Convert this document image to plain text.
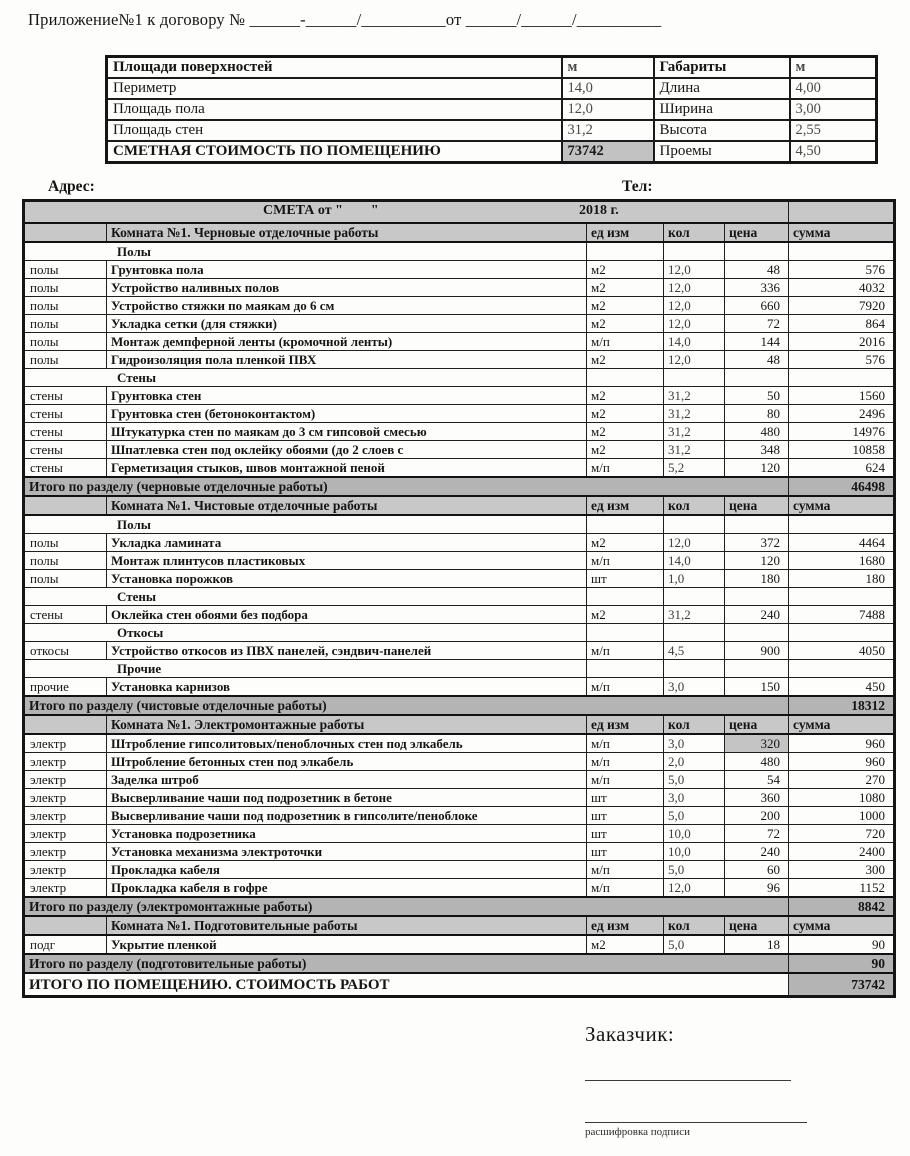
Приложение№1 к договору № ______-______/__________от ______/______/__________
Площади поверхностей	м	Габариты	м
Периметр	14,0	Длина	4,00
Площадь пола	12,0	Ширина	3,00
Площадь стен	31,2	Высота	2,55
СМЕТНАЯ СТОИМОСТЬ ПО ПОМЕЩЕНИЮ	73742	Проемы	4,50
Адрес:	Тел:
СМЕТА от "        " 2018 г.					

	Комната №1. Черновые отделочные работы	ед изм	кол	цена	сумма
Полы					
полы	Грунтовка пола	м2	12,0	48	576
полы	Устройство наливных полов	м2	12,0	336	4032
полы	Устройство стяжки по маякам до 6 см	м2	12,0	660	7920
полы	Укладка сетки (для стяжки)	м2	12,0	72	864
полы	Монтаж демпферной ленты (кромочной ленты)	м/п	14,0	144	2016
полы	Гидроизоляция пола пленкой ПВХ	м2	12,0	48	576
Стены					
стены	Грунтовка стен	м2	31,2	50	1560
стены	Грунтовка стен (бетоноконтактом)	м2	31,2	80	2496
стены	Штукатурка стен по маякам до 3 см гипсовой смесью	м2	31,2	480	14976
стены	Шпатлевка стен под оклейку обоями (до 2 слоев с	м2	31,2	348	10858
стены	Герметизация стыков, швов монтажной пеной	м/п	5,2	120	624
Итого по разделу (черновые отделочные работы)					46498
	Комната №1. Чистовые отделочные работы	ед изм	кол	цена	сумма
Полы					
полы	Укладка ламината	м2	12,0	372	4464
полы	Монтаж плинтусов пластиковых	м/п	14,0	120	1680
полы	Установка порожков	шт	1,0	180	180
Стены					
стены	Оклейка стен обоями без подбора	м2	31,2	240	7488
Откосы					
откосы	Устройство откосов из ПВХ панелей, сэндвич-панелей	м/п	4,5	900	4050
Прочие					
прочие	Установка карнизов	м/п	3,0	150	450
Итого по разделу (чистовые отделочные работы)					18312
	Комната №1. Электромонтажные работы	ед изм	кол	цена	сумма
электр	Штробление гипсолитовых/пеноблочных стен под элкабель	м/п	3,0	320	960
электр	Штробление бетонных стен под элкабель	м/п	2,0	480	960
электр	Заделка штроб	м/п	5,0	54	270
электр	Высверливание чаши под подрозетник в бетоне	шт	3,0	360	1080
электр	Высверливание чаши под подрозетник в гипсолите/пеноблоке	шт	5,0	200	1000
электр	Установка подрозетника	шт	10,0	72	720
электр	Установка механизма электроточки	шт	10,0	240	2400
электр	Прокладка кабеля	м/п	5,0	60	300
электр	Прокладка кабеля в гофре	м/п	12,0	96	1152
Итого по разделу (электромонтажные работы)					8842
	Комната №1. Подготовительные работы	ед изм	кол	цена	сумма
подг	Укрытие пленкой	м2	5,0	18	90
Итого по разделу (подготовительные работы)					90
ИТОГО ПО ПОМЕЩЕНИЮ. СТОИМОСТЬ РАБОТ					73742
Заказчик:
расшифровка подписи
